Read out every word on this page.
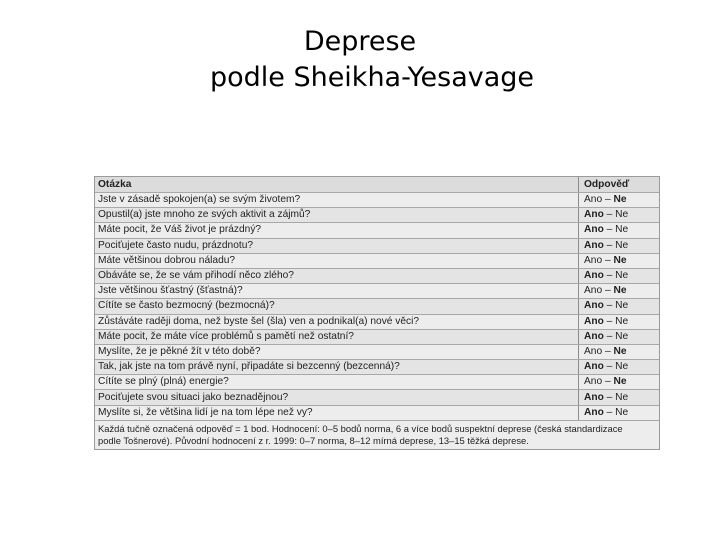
Deprese
podle Sheikha-Yesavage
Otázka	Odpověď
Jste v zásadě spokojen(a) se svým životem?	Ano – Ne
Opustil(a) jste mnoho ze svých aktivit a zájmů?	Ano – Ne
Máte pocit, že Váš život je prázdný?	Ano – Ne
Pociťujete často nudu, prázdnotu?	Ano – Ne
Máte většinou dobrou náladu?	Ano – Ne
Obáváte se, že se vám přihodí něco zlého?	Ano – Ne
Jste většinou šťastný (šťastná)?	Ano – Ne
Cítíte se často bezmocný (bezmocná)?	Ano – Ne
Zůstáváte raději doma, než byste šel (šla) ven a podnikal(a) nové věci?	Ano – Ne
Máte pocit, že máte více problémů s pamětí než ostatní?	Ano – Ne
Myslíte, že je pěkné žít v této době?	Ano – Ne
Tak, jak jste na tom právě nyní, připadáte si bezcenný (bezcenná)?	Ano – Ne
Cítíte se plný (plná) energie?	Ano – Ne
Pociťujete svou situaci jako beznadějnou?	Ano – Ne
Myslíte si, že většina lidí je na tom lépe než vy?	Ano – Ne
Každá tučně označená odpověď = 1 bod. Hodnocení: 0–5 bodů norma, 6 a více bodů suspektní deprese (česká standardizace
podle Tošnerové). Původní hodnocení z r. 1999: 0–7 norma, 8–12 mírná deprese, 13–15 těžká deprese.
